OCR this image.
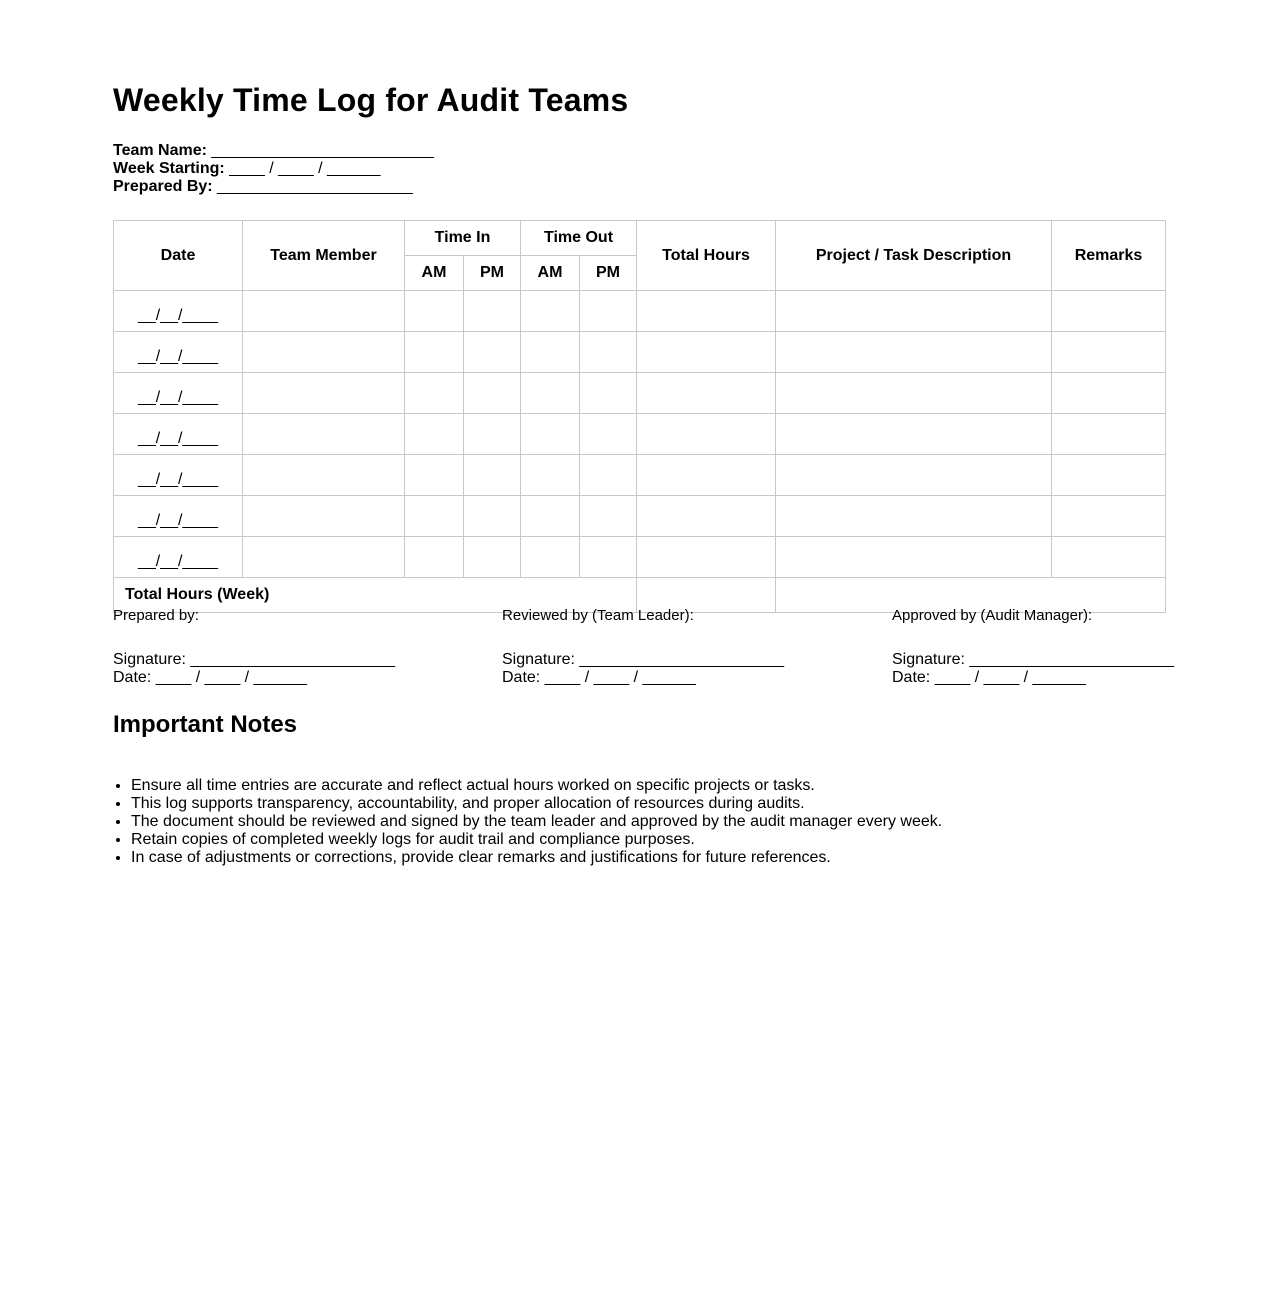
Weekly Time Log for Audit Teams
Team Name: _________________________
Week Starting: ____ / ____ / ______
Prepared By: ______________________
Date	Team Member	Time In		Time Out		Total Hours	Project / Task Description	Remarks
		AM	PM	AM	PM			
__/__/____								
__/__/____								
__/__/____								
__/__/____								
__/__/____								
__/__/____								
__/__/____								
Total Hours (Week)								
Prepared by:
Signature: _______________________
Date: ____ / ____ / ______
Reviewed by (Team Leader):
Signature: _______________________
Date: ____ / ____ / ______
Approved by (Audit Manager):
Signature: _______________________
Date: ____ / ____ / ______
Important Notes
• Ensure all time entries are accurate and reflect actual hours worked on specific projects or tasks.
• This log supports transparency, accountability, and proper allocation of resources during audits.
• The document should be reviewed and signed by the team leader and approved by the audit manager every week.
• Retain copies of completed weekly logs for audit trail and compliance purposes.
• In case of adjustments or corrections, provide clear remarks and justifications for future references.
